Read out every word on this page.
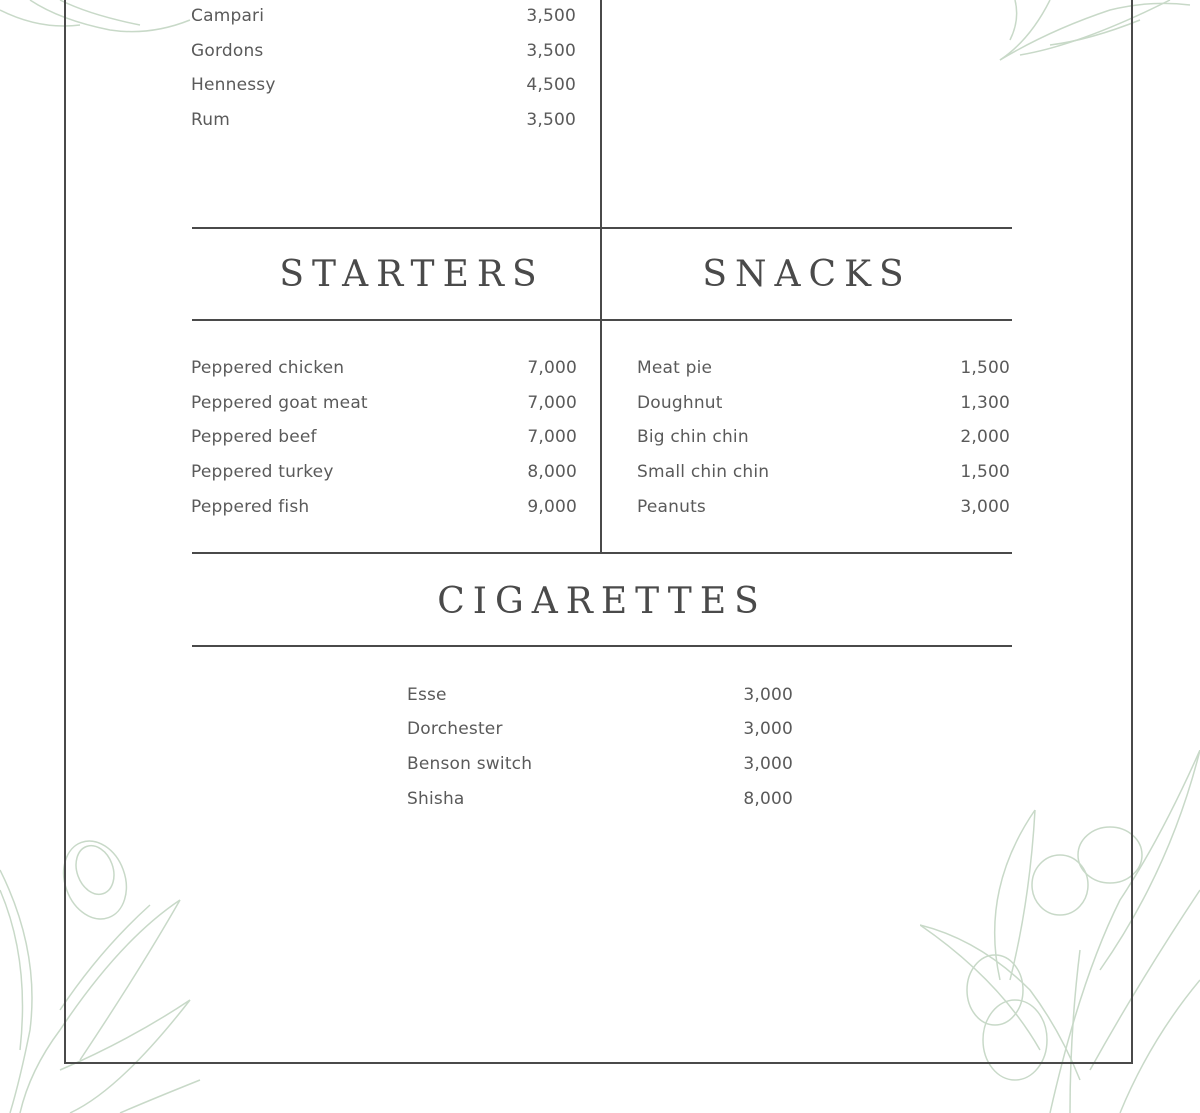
Campari	3,500
Gordons	3,500
Hennessy	4,500
Rum	3,500
STARTERS	SNACKS
CIGARETTES
Peppered chicken	7,000
Peppered goat meat	7,000
Peppered beef	7,000
Peppered turkey	8,000
Peppered fish	9,000
Meat pie	1,500
Doughnut	1,300
Big chin chin	2,000
Small chin chin	1,500
Peanuts	3,000
Esse	3,000
Dorchester	3,000
Benson switch	3,000
Shisha	8,000
